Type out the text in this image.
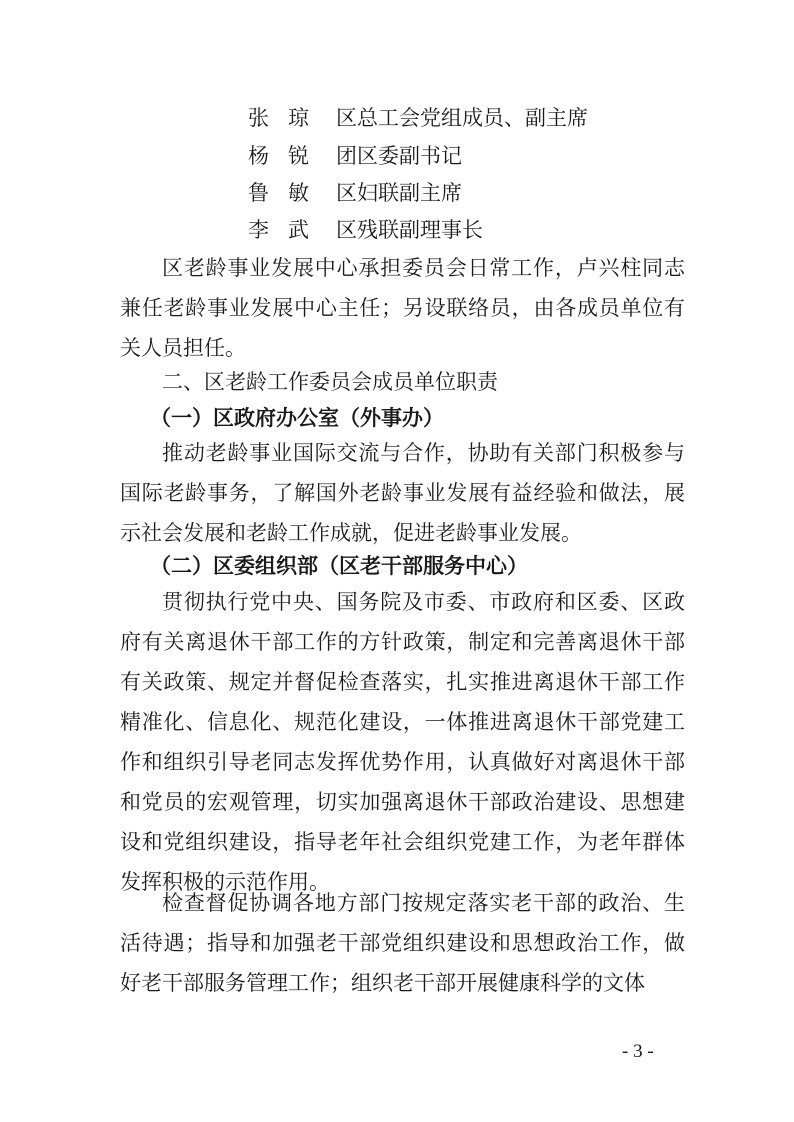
张琼 区总工会党组成员、副主席
杨锐 团区委副书记
鲁敏 区妇联副主席
李武 区残联副理事长

区老龄事业发展中心承担委员会日常工作，卢兴柱同志兼任老龄事业发展中心主任；另设联络员，由各成员单位有关人员担任。

二、区老龄工作委员会成员单位职责
（一）区政府办公室（外事办）

推动老龄事业国际交流与合作，协助有关部门积极参与国际老龄事务，了解国外老龄事业发展有益经验和做法，展示社会发展和老龄工作成就，促进老龄事业发展。

（二）区委组织部（区老干部服务中心）

贯彻执行党中央、国务院及市委、市政府和区委、区政府有关离退休干部工作的方针政策，制定和完善离退休干部有关政策、规定并督促检查落实，扎实推进离退休干部工作精准化、信息化、规范化建设，一体推进离退休干部党建工作和组织引导老同志发挥优势作用，认真做好对离退休干部和党员的宏观管理，切实加强离退休干部政治建设、思想建设和党组织建设，指导老年社会组织党建工作，为老年群体发挥积极的示范作用。

检查督促协调各地方部门按规定落实老干部的政治、生活待遇；指导和加强老干部党组织建设和思想政治工作，做好老干部服务管理工作；组织老干部开展健康科学的文体

- 3 -
